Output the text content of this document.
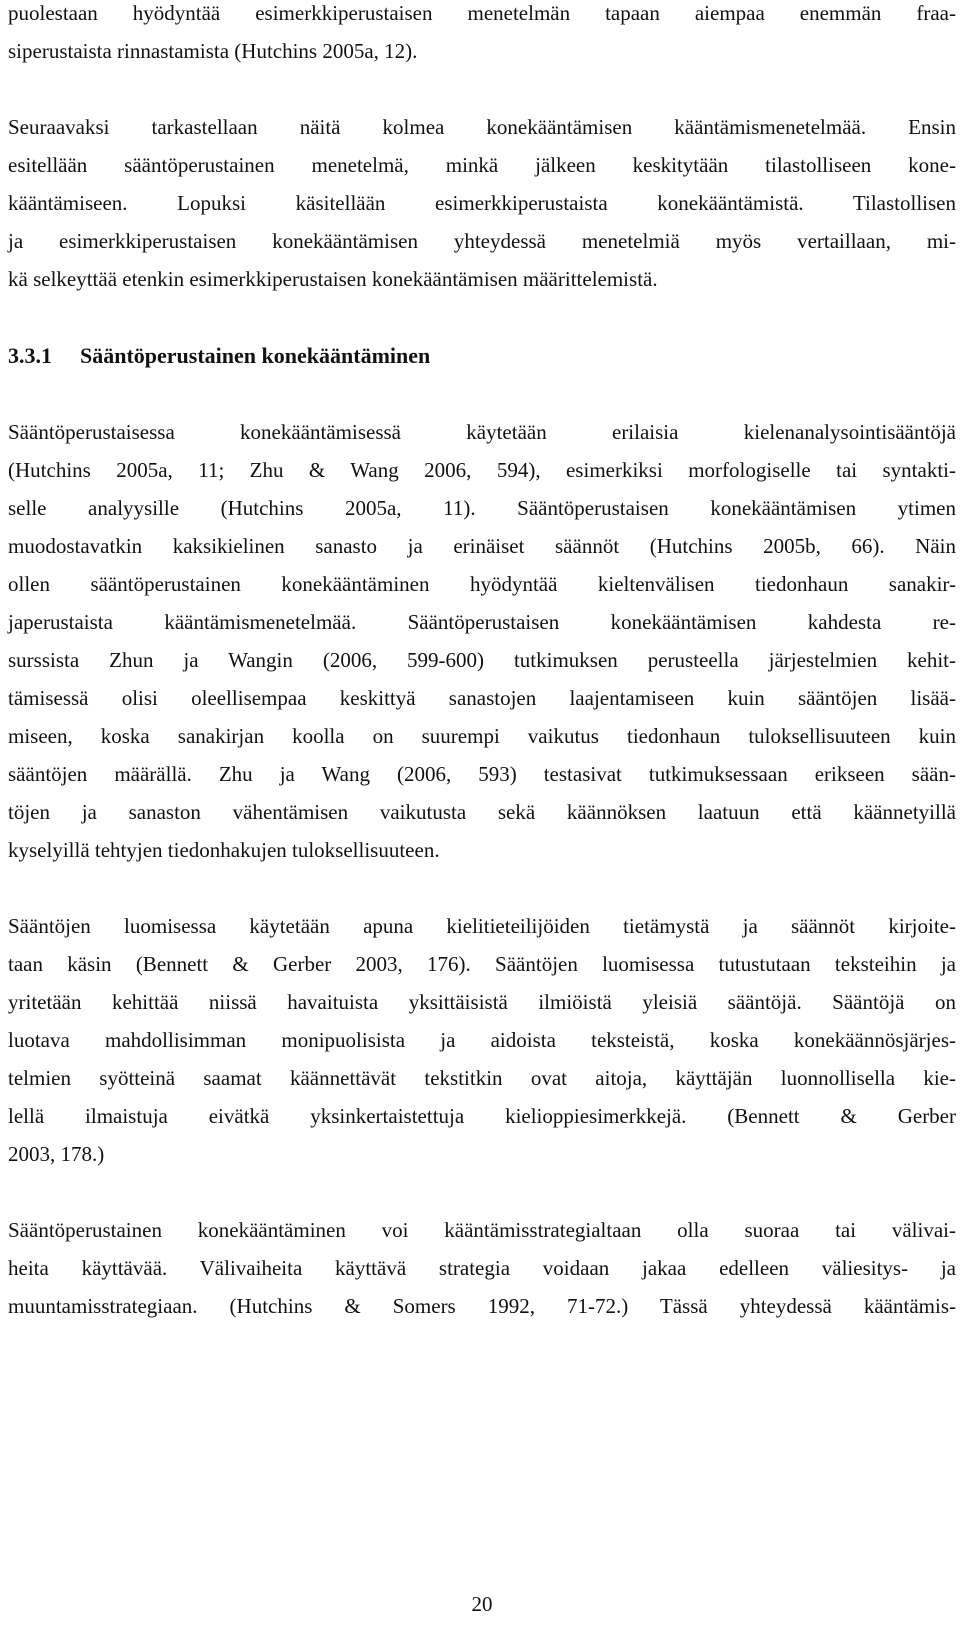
puolestaan hyödyntää esimerkkiperustaisen menetelmän tapaan aiempaa enemmän fraa-

siperustaista rinnastamista (Hutchins 2005a, 12).

Seuraavaksi tarkastellaan näitä kolmea konekääntämisen kääntämismenetelmää. Ensin

esitellään sääntöperustainen menetelmä, minkä jälkeen keskitytään tilastolliseen kone-

kääntämiseen. Lopuksi käsitellään esimerkkiperustaista konekääntämistä. Tilastollisen

ja esimerkkiperustaisen konekääntämisen yhteydessä menetelmiä myös vertaillaan, mi-

kä selkeyttää etenkin esimerkkiperustaisen konekääntämisen määrittelemistä.

3.3.1 Sääntöperustainen konekääntäminen

Sääntöperustaisessa konekääntämisessä käytetään erilaisia kielenanalysointisääntöjä

(Hutchins 2005a, 11; Zhu & Wang 2006, 594), esimerkiksi morfologiselle tai syntakti-

selle analyysille (Hutchins 2005a, 11). Sääntöperustaisen konekääntämisen ytimen

muodostavatkin kaksikielinen sanasto ja erinäiset säännöt (Hutchins 2005b, 66). Näin

ollen sääntöperustainen konekääntäminen hyödyntää kieltenvälisen tiedonhaun sanakir-

japerustaista kääntämismenetelmää. Sääntöperustaisen konekääntämisen kahdesta re-

surssista Zhun ja Wangin (2006, 599-600) tutkimuksen perusteella järjestelmien kehit-

tämisessä olisi oleellisempaa keskittyä sanastojen laajentamiseen kuin sääntöjen lisää-

miseen, koska sanakirjan koolla on suurempi vaikutus tiedonhaun tuloksellisuuteen kuin

sääntöjen määrällä. Zhu ja Wang (2006, 593) testasivat tutkimuksessaan erikseen sään-

töjen ja sanaston vähentämisen vaikutusta sekä käännöksen laatuun että käännetyillä

kyselyillä tehtyjen tiedonhakujen tuloksellisuuteen.

Sääntöjen luomisessa käytetään apuna kielitieteilijöiden tietämystä ja säännöt kirjoite-

taan käsin (Bennett & Gerber 2003, 176). Sääntöjen luomisessa tutustutaan teksteihin ja

yritetään kehittää niissä havaituista yksittäisistä ilmiöistä yleisiä sääntöjä. Sääntöjä on

luotava mahdollisimman monipuolisista ja aidoista teksteistä, koska konekäännösjärjes-

telmien syötteinä saamat käännettävät tekstitkin ovat aitoja, käyttäjän luonnollisella kie-

lellä ilmaistuja eivätkä yksinkertaistettuja kielioppiesimerkkejä. (Bennett & Gerber

2003, 178.)

Sääntöperustainen konekääntäminen voi kääntämisstrategialtaan olla suoraa tai välivai-

heita käyttävää. Välivaiheita käyttävä strategia voidaan jakaa edelleen väliesitys- ja

muuntamisstrategiaan. (Hutchins & Somers 1992, 71-72.) Tässä yhteydessä kääntämis-

20
